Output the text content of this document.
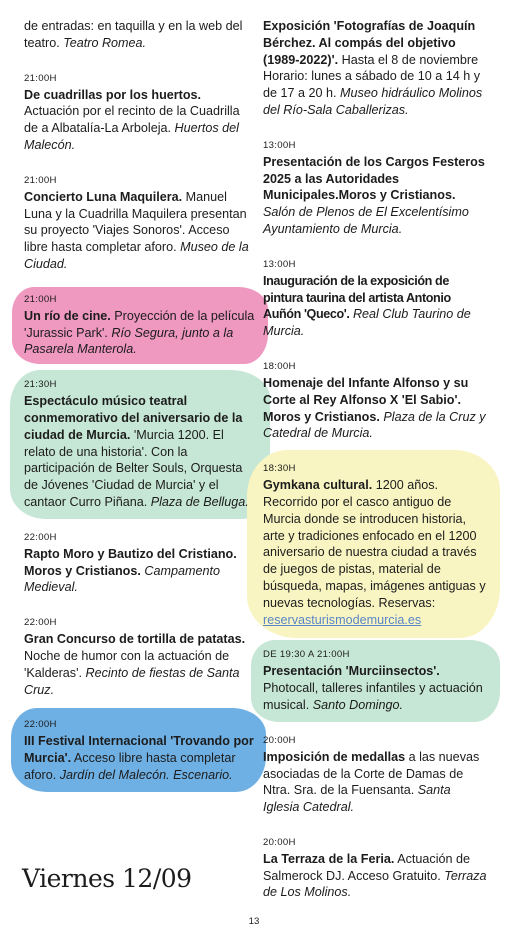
de entradas: en taquilla y en la web del teatro. Teatro Romea.
21:00H
De cuadrillas por los huertos. Actuación por el recinto de la Cuadrilla de a Albatalía-La Arboleja. Huertos del Malecón.
21:00H
Concierto Luna Maquilera. Manuel Luna y la Cuadrilla Maquilera presentan su proyecto 'Viajes Sonoros'. Acceso libre hasta completar aforo. Museo de la Ciudad.
21:00H
Un río de cine. Proyección de la película 'Jurassic Park'. Río Segura, junto a la Pasarela Manterola.
21:30H
Espectáculo músico teatral conmemorativo del aniversario de la ciudad de Murcia. 'Murcia 1200. El relato de una historia'. Con la participación de Belter Souls, Orquesta de Jóvenes 'Ciudad de Murcia' y el cantaor Curro Piñana. Plaza de Belluga.
22:00H
Rapto Moro y Bautizo del Cristiano. Moros y Cristianos. Campamento Medieval.
22:00H
Gran Concurso de tortilla de patatas. Noche de humor con la actuación de 'Kalderas'. Recinto de fiestas de Santa Cruz.
22:00H
III Festival Internacional 'Trovando por Murcia'. Acceso libre hasta completar aforo. Jardín del Malecón. Escenario.
Exposición 'Fotografías de Joaquín Bérchez. Al compás del objetivo (1989-2022)'. Hasta el 8 de noviembre Horario: lunes a sábado de 10 a 14 h y de 17 a 20 h. Museo hidráulico Molinos del Río-Sala Caballerizas.
13:00H
Presentación de los Cargos Festeros 2025 a las Autoridades Municipales.Moros y Cristianos. Salón de Plenos de El Excelentísimo Ayuntamiento de Murcia.
13:00H
Inauguración de la exposición de pintura taurina del artista Antonio Auñón 'Queco'. Real Club Taurino de Murcia.
18:00H
Homenaje del Infante Alfonso y su Corte al Rey Alfonso X 'El Sabio'. Moros y Cristianos. Plaza de la Cruz y Catedral de Murcia.
18:30H
Gymkana cultural. 1200 años. Recorrido por el casco antiguo de Murcia donde se introducen historia, arte y tradiciones enfocado en el 1200 aniversario de nuestra ciudad a través de juegos de pistas, material de búsqueda, mapas, imágenes antiguas y nuevas tecnologías. Reservas: reservasturismodemurcia.es
DE 19:30 A 21:00H
Presentación 'Murciinsectos'. Photocall, talleres infantiles y actuación musical. Santo Domingo.
20:00H
Imposición de medallas a las nuevas asociadas de la Corte de Damas de Ntra. Sra. de la Fuensanta. Santa Iglesia Catedral.
20:00H
La Terraza de la Feria. Actuación de Salmerock DJ. Acceso Gratuito. Terraza de Los Molinos.
Viernes 12/09
13
